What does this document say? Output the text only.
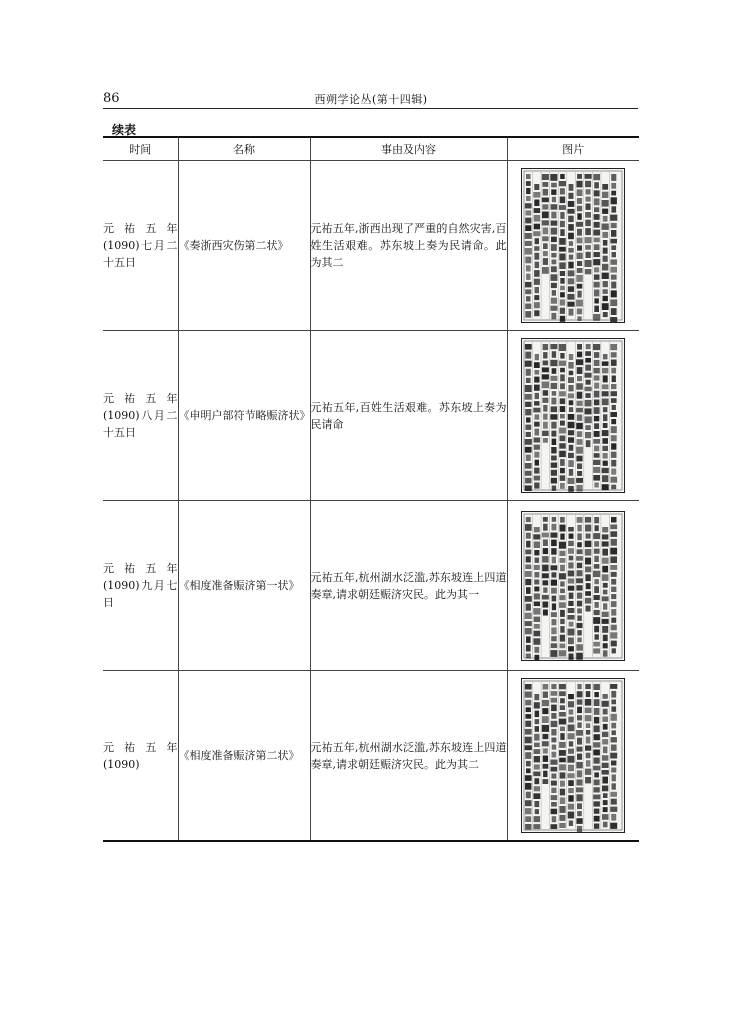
86	西朔学论丛(第十四辑)
续表
时间	名称	事由及内容	图片
元 祐 五 年(1090)七月二十五日	《奏浙西灾伤第二状》	元祐五年,浙西出现了严重的自然灾害,百姓生活艰难。苏东坡上奏为民请命。此为其二	

元 祐 五 年(1090)八月二十五日	《申明户部符节略赈济状》	元祐五年,百姓生活艰难。苏东坡上奏为民请命	

元 祐 五 年(1090)九月七日	《相度准备赈济第一状》	元祐五年,杭州湖水泛滥,苏东坡连上四道奏章,请求朝廷赈济灾民。此为其一	

元 祐 五 年(1090)	《相度准备赈济第二状》	元祐五年,杭州湖水泛滥,苏东坡连上四道奏章,请求朝廷赈济灾民。此为其二	
